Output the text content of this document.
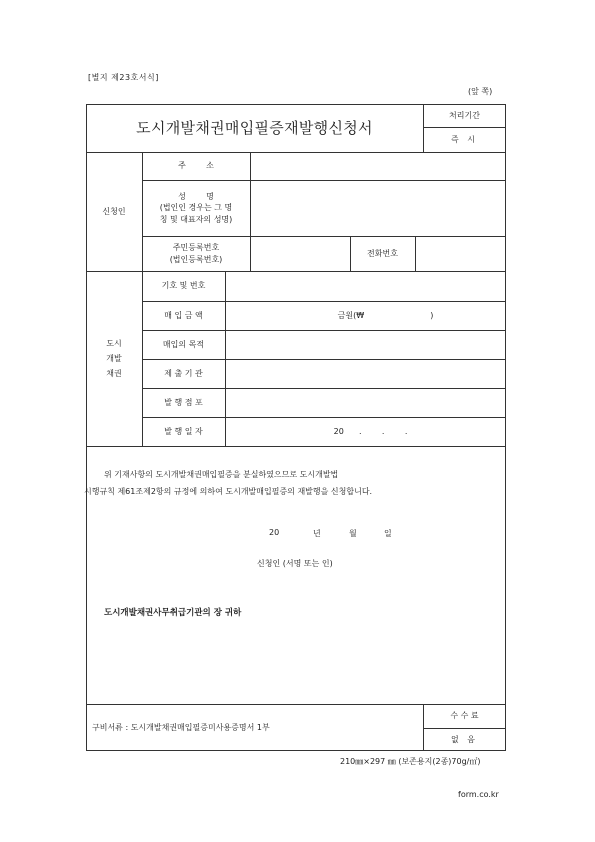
[별지 제23호서식]
(앞 쪽)
도시개발채권매입필증재발행신청서
처리기간
즉 시
신청인
주        소
성        명
(법인인 경우는 그 명
칭 및 대표자의 성명)
주민등록번호
(법인등록번호)
전화번호
도시
개발
채권
기호 및 번호
매 입 금 액	금원(₩                          )
매입의 목적
제 출 기 관
발 행 점 포
발 행 일 자	20      .        .        .

위 기재사항의 도시개발채권매입필증을 분실하였으므로 도시개발법

시행규칙 제61조제2항의 규정에 의하여 도시개발매입필증의 재발행을 신청합니다.

20	년	월	일
신청인 (서명 또는 인)
도시개발채권사무취급기관의 장 귀하
구비서류 : 도시개발채권매입필증미사용증명서 1부
수 수 료
없 음
210㎜×297 ㎜ (보존용지(2종)70g/㎡)
form.co.kr
